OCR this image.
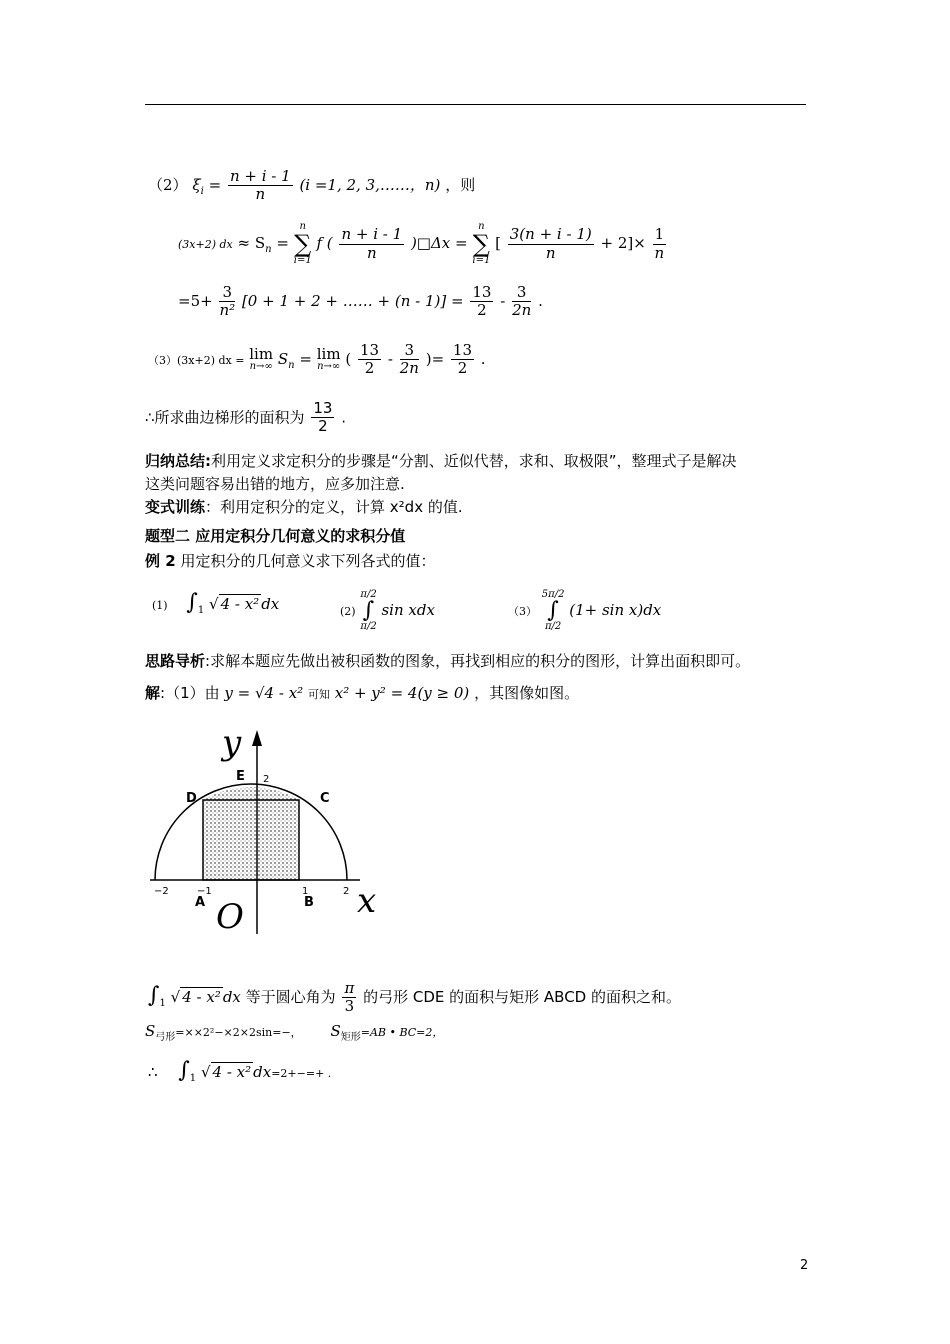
（2） $\xi_i = \frac{n + i - 1}{n} (i =1$, 2, 3,……，n) ，则
(3x+2) dx ≈ $S_n$ =
n
∑
i=1
f ( $\frac{n + i - 1}{n}$ )□Δx =
n
∑
i=1
[ $\frac{3(n + i - 1)}{n} + 2]\times \frac{1}{n}$
$=5+ \frac{3}{\text{n²}} [0 + 1 + 2$ + …… + $(n - 1)] = \frac{13}{2} - \frac{3}{2n}$ .
（3）(3x+2) dx = lim
n→∞ $S_n = \lim$
n→∞ ( $\frac{13}{2} - \frac{3}{2n}$ )= $\frac{13}{2}$ .
∴所求曲边梯形的面积为 $\frac{13}{2}$ .
归纳总结:利用定义求定积分的步骤是“分割、近似代替，求和、取极限”，整理式子是解决
这类问题容易出错的地方，应多加注意.
变式训练：利用定积分的定义，计算 x²dx 的值.
题型二 应用定积分几何意义的求积分值
例 2 用定积分的几何意义求下列各式的值：
(1) $\int_1$ √ 4 - x² dx	(2)
π/2
∫
π/2
sin xdx	（3）
5π/2
∫
π/2
(1+ sin x)dx
思路导析:求解本题应先做出被积函数的图象，再找到相应的积分的图形，计算出面积即可。
解:（1）由 y = √4 - x² 可知 x² + y² = 4(y ≥ 0) ，其图像如图。
y
x
O
E 2
D	C
A	B
−2	−1	1	2
$\int_1$ √ 4 - x² dx 等于圆心角为 $\frac{\pi}{3}$ 的弓形 CDE 的面积与矩形 ABCD 的面积之和。
$S_{弓形}=\times\times 2^2-\times 2\times 2\sin=-$， $S_{矩形}=AB$ • BC=2，
∴ $\int_1$ √ 4 - x² dx=2+−=+ .
2
